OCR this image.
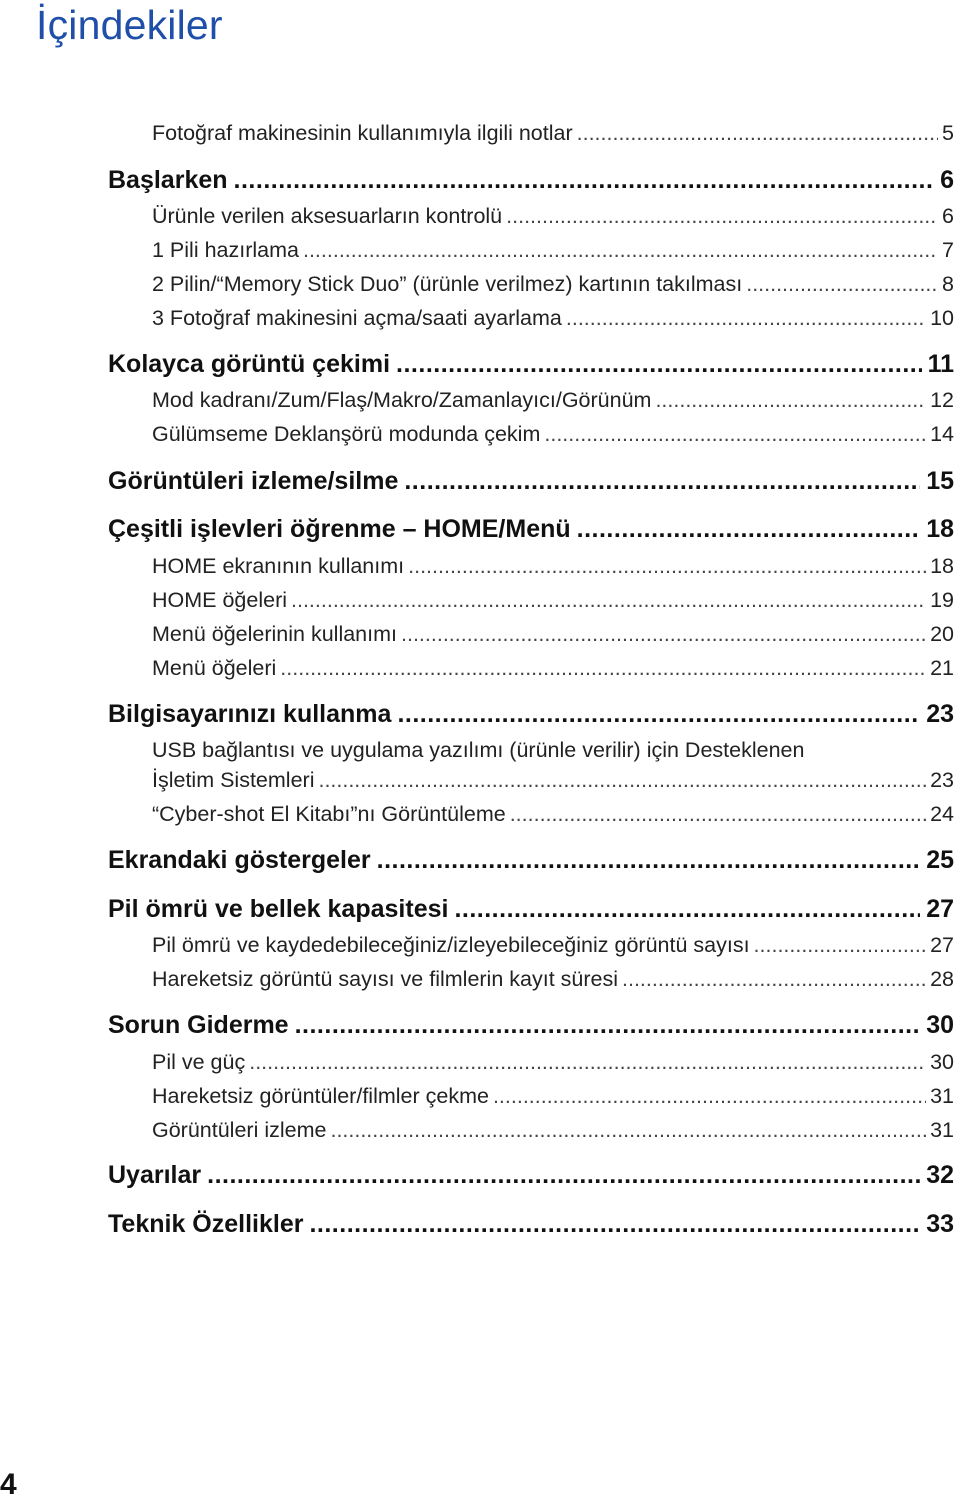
İçindekiler
Fotoğraf makinesinin kullanımıyla ilgili notlar .....	5
Başlarken .....	6
Ürünle verilen aksesuarların kontrolü .....	6
1 Pili hazırlama .....	7
2 Pilin/“Memory Stick Duo” (ürünle verilmez) kartının takılması .....	8
3 Fotoğraf makinesini açma/saati ayarlama .....	10
Kolayca görüntü çekimi .....	11
Mod kadranı/Zum/Flaş/Makro/Zamanlayıcı/Görünüm .....	12
Gülümseme Deklanşörü modunda çekim .....	14
Görüntüleri izleme/silme .....	15
Çeşitli işlevleri öğrenme – HOME/Menü .....	18
HOME ekranının kullanımı .....	18
HOME öğeleri .....	19
Menü öğelerinin kullanımı .....	20
Menü öğeleri .....	21
Bilgisayarınızı kullanma .....	23
USB bağlantısı ve uygulama yazılımı (ürünle verilir) için Desteklenen
İşletim Sistemleri .....	23
“Cyber-shot El Kitabı”nı Görüntüleme .....	24
Ekrandaki göstergeler .....	25
Pil ömrü ve bellek kapasitesi .....	27
Pil ömrü ve kaydedebileceğiniz/izleyebileceğiniz görüntü sayısı .....	27
Hareketsiz görüntü sayısı ve filmlerin kayıt süresi .....	28
Sorun Giderme .....	30
Pil ve güç .....	30
Hareketsiz görüntüler/filmler çekme .....	31
Görüntüleri izleme .....	31
Uyarılar .....	32
Teknik Özellikler .....	33
4
